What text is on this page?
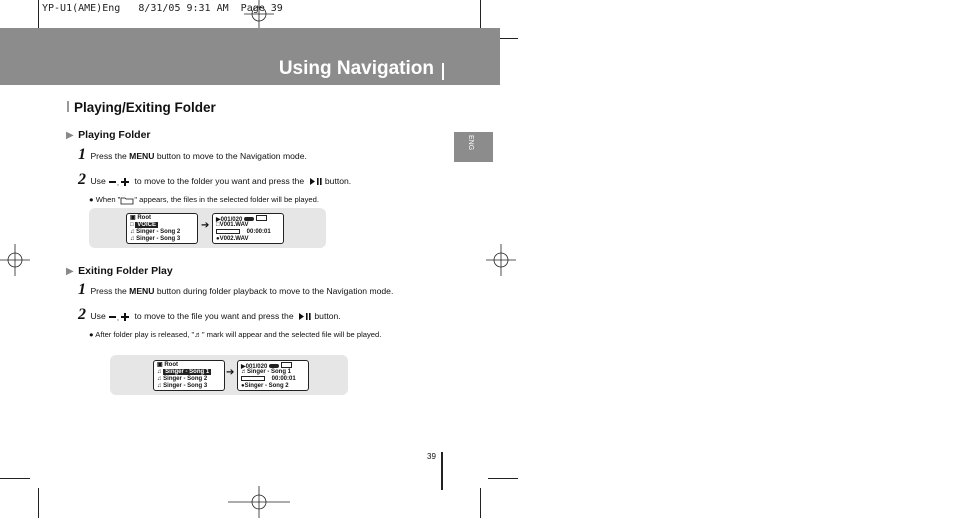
YP-U1(AME)Eng   8/31/05 9:31 AM  Page 39
Using Navigation
ENG
Playing/Exiting Folder
▶ Playing Folder
1 Press the MENU button to move to the Navigation mode.
2 Use , to move to the folder you want and press the button.
● When " " appears, the files in the selected folder will be played.
▣ Root
□ VOICE
♫ Singer - Song 2
♫ Singer - Song 3
➔ ▶001/020
□V001.WAV
00:00:01
●V002.WAV
▶ Exiting Folder Play
1 Press the MENU button during folder playback to move to the Navigation mode.
2 Use , to move to the file you want and press the button.
● After folder play is released, "♬" mark will appear and the selected file will be played.
▣ Root
♫ Singer - Song 1
♫ Singer - Song 2
♫ Singer - Song 3
➔ ▶001/020
♬Singer - Song 1
00:00:01
●Singer - Song 2
39
